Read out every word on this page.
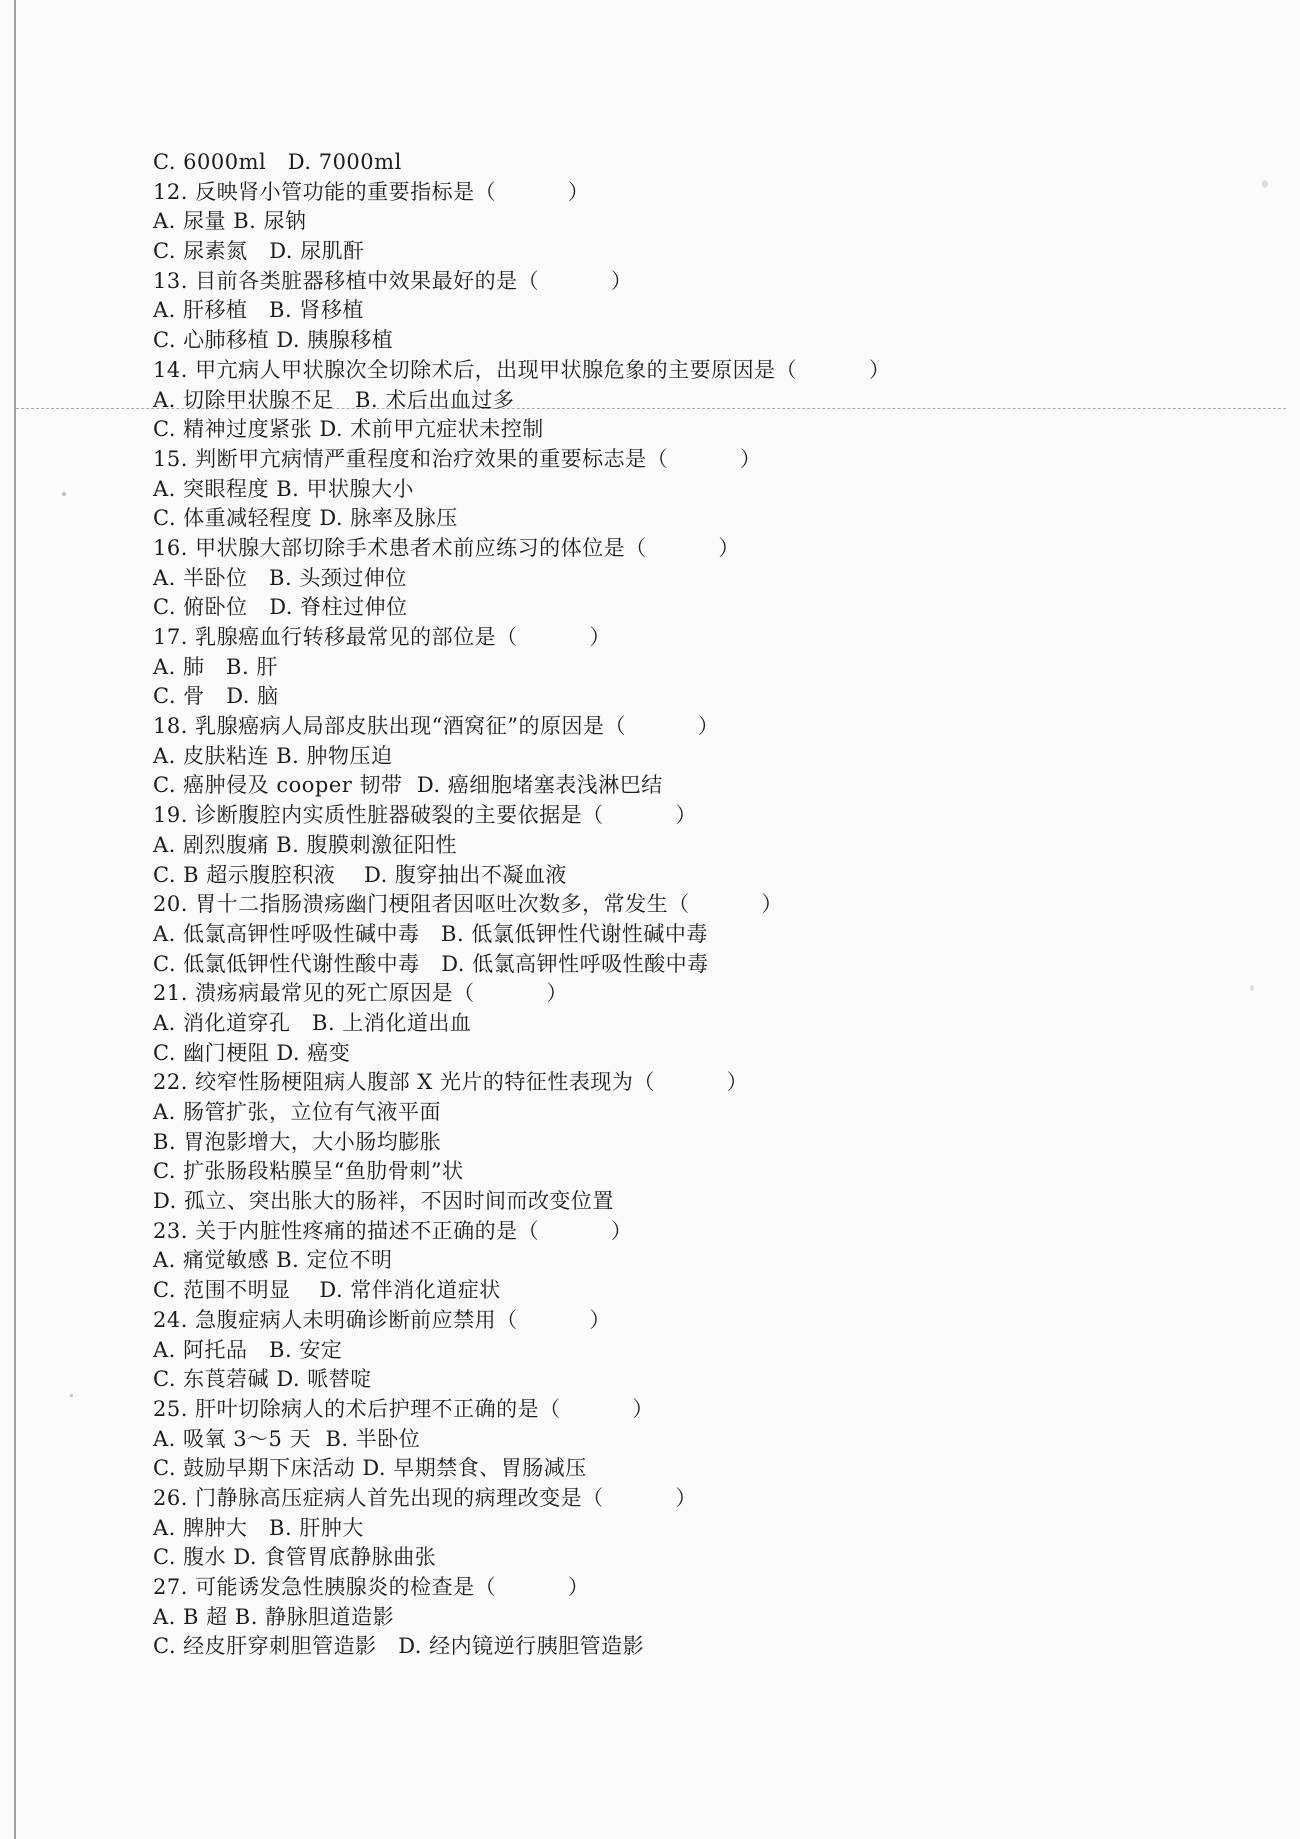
C. 6000ml   D. 7000ml
12. 反映肾小管功能的重要指标是（          ）
A. 尿量 B. 尿钠
C. 尿素氮   D. 尿肌酐
13. 目前各类脏器移植中效果最好的是（          ）
A. 肝移植   B. 肾移植
C. 心肺移植 D. 胰腺移植
14. 甲亢病人甲状腺次全切除术后，出现甲状腺危象的主要原因是（          ）
A. 切除甲状腺不足   B. 术后出血过多
C. 精神过度紧张 D. 术前甲亢症状未控制
15. 判断甲亢病情严重程度和治疗效果的重要标志是（          ）
A. 突眼程度 B. 甲状腺大小
C. 体重减轻程度 D. 脉率及脉压
16. 甲状腺大部切除手术患者术前应练习的体位是（          ）
A. 半卧位   B. 头颈过伸位
C. 俯卧位   D. 脊柱过伸位
17. 乳腺癌血行转移最常见的部位是（          ）
A. 肺   B. 肝
C. 骨   D. 脑
18. 乳腺癌病人局部皮肤出现“酒窝征”的原因是（          ）
A. 皮肤粘连 B. 肿物压迫
C. 癌肿侵及 cooper 韧带  D. 癌细胞堵塞表浅淋巴结
19. 诊断腹腔内实质性脏器破裂的主要依据是（          ）
A. 剧烈腹痛 B. 腹膜刺激征阳性
C. B 超示腹腔积液    D. 腹穿抽出不凝血液
20. 胃十二指肠溃疡幽门梗阻者因呕吐次数多，常发生（          ）
A. 低氯高钾性呼吸性碱中毒   B. 低氯低钾性代谢性碱中毒
C. 低氯低钾性代谢性酸中毒   D. 低氯高钾性呼吸性酸中毒
21. 溃疡病最常见的死亡原因是（          ）
A. 消化道穿孔   B. 上消化道出血
C. 幽门梗阻 D. 癌变
22. 绞窄性肠梗阻病人腹部 X 光片的特征性表现为（          ）
A. 肠管扩张，立位有气液平面
B. 胃泡影增大，大小肠均膨胀
C. 扩张肠段粘膜呈“鱼肋骨刺”状
D. 孤立、突出胀大的肠袢，不因时间而改变位置
23. 关于内脏性疼痛的描述不正确的是（          ）
A. 痛觉敏感 B. 定位不明
C. 范围不明显    D. 常伴消化道症状
24. 急腹症病人未明确诊断前应禁用（          ）
A. 阿托品   B. 安定
C. 东莨菪碱 D. 哌替啶
25. 肝叶切除病人的术后护理不正确的是（          ）
A. 吸氧 3～5 天  B. 半卧位
C. 鼓励早期下床活动 D. 早期禁食、胃肠减压
26. 门静脉高压症病人首先出现的病理改变是（          ）
A. 脾肿大   B. 肝肿大
C. 腹水 D. 食管胃底静脉曲张
27. 可能诱发急性胰腺炎的检查是（          ）
A. B 超 B. 静脉胆道造影
C. 经皮肝穿刺胆管造影   D. 经内镜逆行胰胆管造影
